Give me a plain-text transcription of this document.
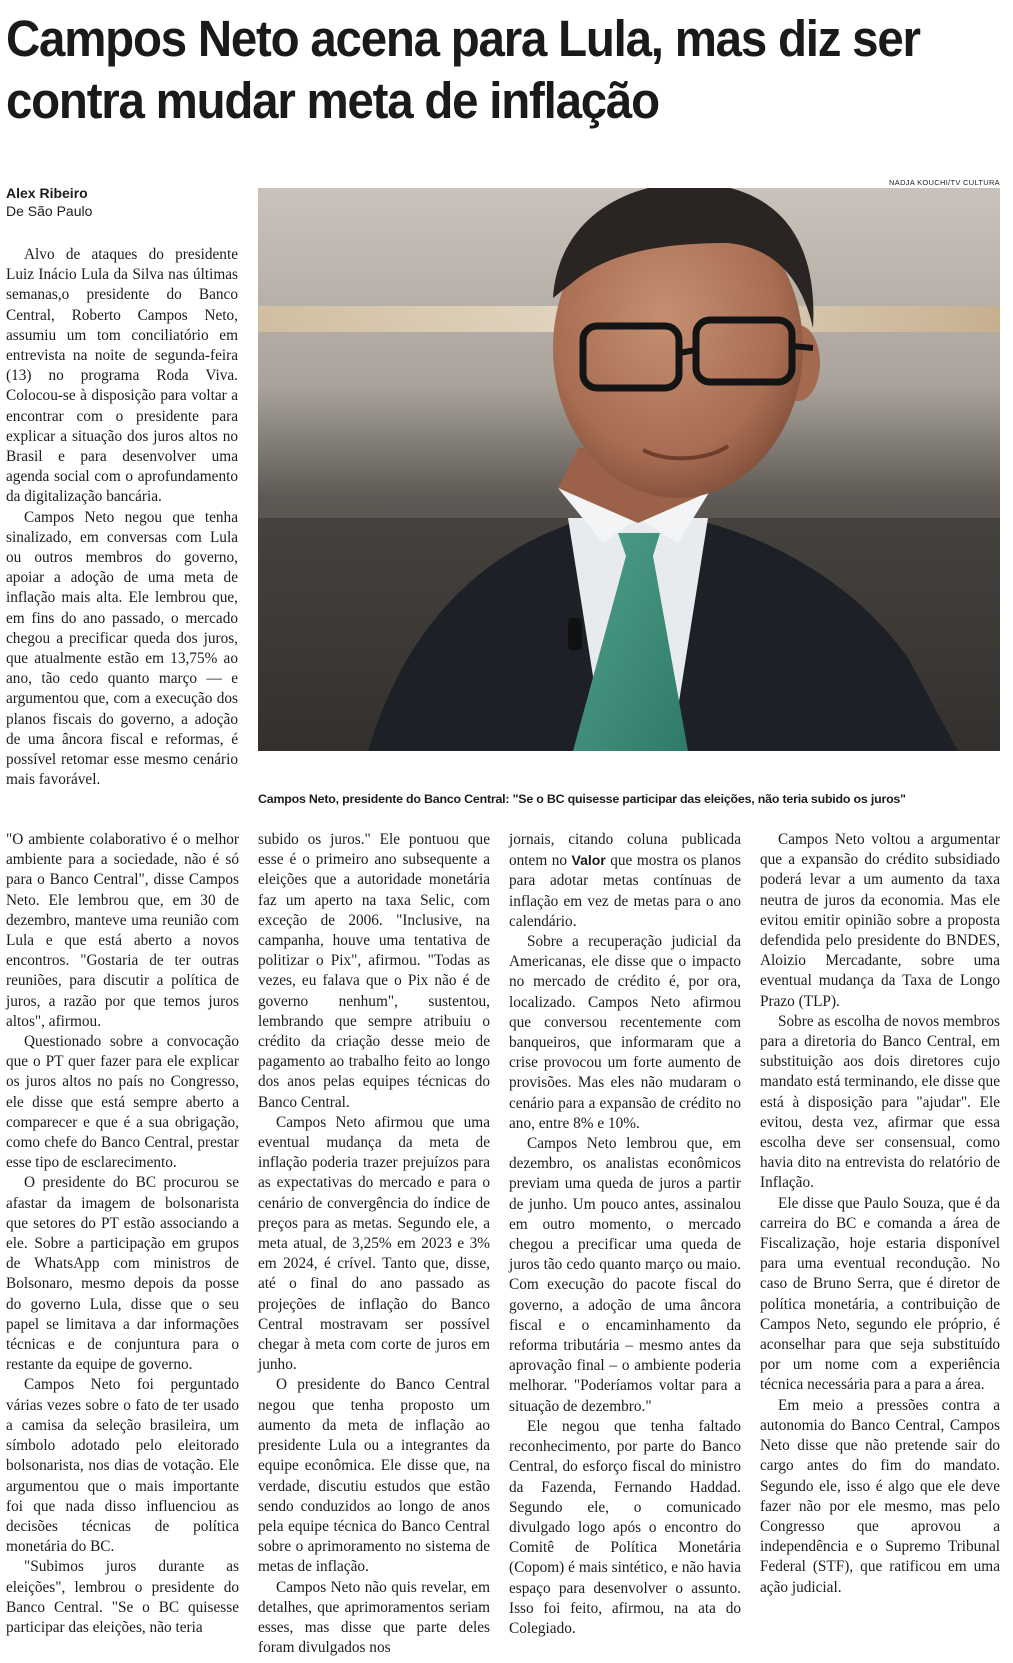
Campos Neto acena para Lula, mas diz ser contra mudar meta de inflação
Alex Ribeiro
De São Paulo
NADJA KOUCHI/TV CULTURA
Campos Neto, presidente do Banco Central: "Se o BC quisesse participar das eleições, não teria subido os juros"

Alvo de ataques do presidente Luiz Inácio Lula da Silva nas últimas semanas,o presidente do Banco Central, Roberto Campos Neto, assumiu um tom conciliatório em entrevista na noite de segunda-feira (13) no programa Roda Viva. Colocou-se à disposição para voltar a encontrar com o presidente para explicar a situação dos juros altos no Brasil e para desenvolver uma agenda social com o aprofundamento da digitalização bancária.

Campos Neto negou que tenha sinalizado, em conversas com Lula ou outros membros do governo, apoiar a adoção de uma meta de inflação mais alta. Ele lembrou que, em fins do ano passado, o mercado chegou a precificar queda dos juros, que atualmente estão em 13,75% ao ano, tão cedo quanto março — e argumentou que, com a execução dos planos fiscais do governo, a adoção de uma âncora fiscal e reformas, é possível retomar esse mesmo cenário mais favorável.

"O ambiente colaborativo é o melhor ambiente para a sociedade, não é só para o Banco Central", disse Campos Neto. Ele lembrou que, em 30 de dezembro, manteve uma reunião com Lula e que está aberto a novos encontros. "Gostaria de ter outras reuniões, para discutir a política de juros, a razão por que temos juros altos", afirmou.

Questionado sobre a convocação que o PT quer fazer para ele explicar os juros altos no país no Congresso, ele disse que está sempre aberto a comparecer e que é a sua obrigação, como chefe do Banco Central, prestar esse tipo de esclarecimento.

O presidente do BC procurou se afastar da imagem de bolsonarista que setores do PT estão associando a ele. Sobre a participação em grupos de WhatsApp com ministros de Bolsonaro, mesmo depois da posse do governo Lula, disse que o seu papel se limitava a dar informações técnicas e de conjuntura para o restante da equipe de governo.

Campos Neto foi perguntado várias vezes sobre o fato de ter usado a camisa da seleção brasileira, um símbolo adotado pelo eleitorado bolsonarista, nos dias de votação. Ele argumentou que o mais importante foi que nada disso influenciou as decisões técnicas de política monetária do BC.

"Subimos juros durante as eleições", lembrou o presidente do Banco Central. "Se o BC quisesse participar das eleições, não teria

subido os juros." Ele pontuou que esse é o primeiro ano subsequente a eleições que a autoridade monetária faz um aperto na taxa Selic, com exceção de 2006. "Inclusive, na campanha, houve uma tentativa de politizar o Pix", afirmou. "Todas as vezes, eu falava que o Pix não é de governo nenhum", sustentou, lembrando que sempre atribuiu o crédito da criação desse meio de pagamento ao trabalho feito ao longo dos anos pelas equipes técnicas do Banco Central.

Campos Neto afirmou que uma eventual mudança da meta de inflação poderia trazer prejuízos para as expectativas do mercado e para o cenário de convergência do índice de preços para as metas. Segundo ele, a meta atual, de 3,25% em 2023 e 3% em 2024, é crível. Tanto que, disse, até o final do ano passado as projeções de inflação do Banco Central mostravam ser possível chegar à meta com corte de juros em junho.

O presidente do Banco Central negou que tenha proposto um aumento da meta de inflação ao presidente Lula ou a integrantes da equipe econômica. Ele disse que, na verdade, discutiu estudos que estão sendo conduzidos ao longo de anos pela equipe técnica do Banco Central sobre o aprimoramento no sistema de metas de inflação.

Campos Neto não quis revelar, em detalhes, que aprimoramentos seriam esses, mas disse que parte deles foram divulgados nos

jornais, citando coluna publicada ontem no Valor que mostra os planos para adotar metas contínuas de inflação em vez de metas para o ano calendário.

Sobre a recuperação judicial da Americanas, ele disse que o impacto no mercado de crédito é, por ora, localizado. Campos Neto afirmou que conversou recentemente com banqueiros, que informaram que a crise provocou um forte aumento de provisões. Mas eles não mudaram o cenário para a expansão de crédito no ano, entre 8% e 10%.

Campos Neto lembrou que, em dezembro, os analistas econômicos previam uma queda de juros a partir de junho. Um pouco antes, assinalou em outro momento, o mercado chegou a precificar uma queda de juros tão cedo quanto março ou maio. Com execução do pacote fiscal do governo, a adoção de uma âncora fiscal e o encaminhamento da reforma tributária – mesmo antes da aprovação final – o ambiente poderia melhorar. "Poderíamos voltar para a situação de dezembro."

Ele negou que tenha faltado reconhecimento, por parte do Banco Central, do esforço fiscal do ministro da Fazenda, Fernando Haddad. Segundo ele, o comunicado divulgado logo após o encontro do Comitê de Política Monetária (Copom) é mais sintético, e não havia espaço para desenvolver o assunto. Isso foi feito, afirmou, na ata do Colegiado.

Campos Neto voltou a argumentar que a expansão do crédito subsidiado poderá levar a um aumento da taxa neutra de juros da economia. Mas ele evitou emitir opinião sobre a proposta defendida pelo presidente do BNDES, Aloizio Mercadante, sobre uma eventual mudança da Taxa de Longo Prazo (TLP).

Sobre as escolha de novos membros para a diretoria do Banco Central, em substituição aos dois diretores cujo mandato está terminando, ele disse que está à disposição para "ajudar". Ele evitou, desta vez, afirmar que essa escolha deve ser consensual, como havia dito na entrevista do relatório de Inflação.

Ele disse que Paulo Souza, que é da carreira do BC e comanda a área de Fiscalização, hoje estaria disponível para uma eventual recondução. No caso de Bruno Serra, que é diretor de política monetária, a contribuição de Campos Neto, segundo ele próprio, é aconselhar para que seja substituído por um nome com a experiência técnica necessária para a para a área.

Em meio a pressões contra a autonomia do Banco Central, Campos Neto disse que não pretende sair do cargo antes do fim do mandato. Segundo ele, isso é algo que ele deve fazer não por ele mesmo, mas pelo Congresso que aprovou a independência e o Supremo Tribunal Federal (STF), que ratificou em uma ação judicial.
